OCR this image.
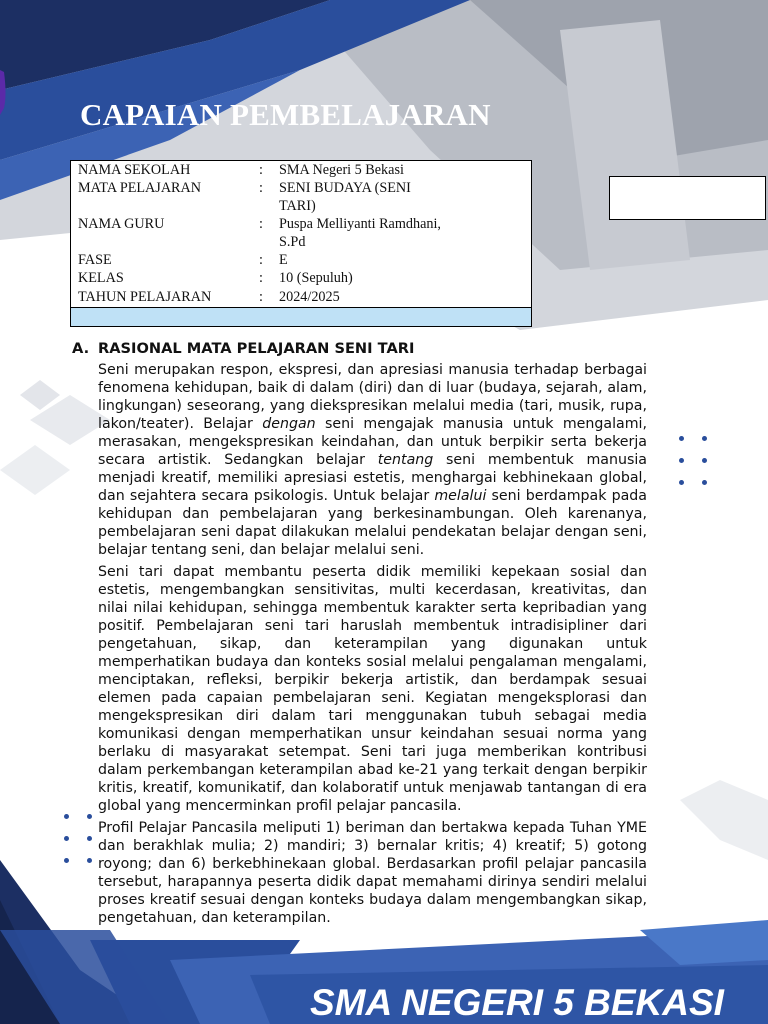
SMA NEGERI 5 BEKASI
CAPAIAN PEMBELAJARAN
NAMA SEKOLAH	:	SMA Negeri 5 Bekasi
MATA PELAJARAN	:	SENI BUDAYA (SENI TARI)
NAMA GURU	:	Puspa Melliyanti Ramdhani, S.Pd
FASE	:	E
KELAS	:	10 (Sepuluh)
TAHUN PELAJARAN	:	2024/2025
A. RASIONAL MATA PELAJARAN SENI TARI

Seni merupakan respon, ekspresi, dan apresiasi manusia terhadap berbagai fenomena kehidupan, baik di dalam (diri) dan di luar (budaya, sejarah, alam, lingkungan) seseorang, yang diekspresikan melalui media (tari, musik, rupa, lakon/teater). Belajar dengan seni mengajak manusia untuk mengalami, merasakan, mengekspresikan keindahan, dan untuk berpikir serta bekerja secara artistik. Sedangkan belajar tentang seni membentuk manusia menjadi kreatif, memiliki apresiasi estetis, menghargai kebhinekaan global, dan sejahtera secara psikologis. Untuk belajar melalui seni berdampak pada kehidupan dan pembelajaran yang berkesinambungan. Oleh karenanya, pembelajaran seni dapat dilakukan melalui pendekatan belajar dengan seni, belajar tentang seni, dan belajar melalui seni.

Seni tari dapat membantu peserta didik memiliki kepekaan sosial dan estetis, mengembangkan sensitivitas, multi kecerdasan, kreativitas, dan nilai nilai kehidupan, sehingga membentuk karakter serta kepribadian yang positif. Pembelajaran seni tari haruslah membentuk intradisipliner dari pengetahuan, sikap, dan keterampilan yang digunakan untuk memperhatikan budaya dan konteks sosial melalui pengalaman mengalami, menciptakan, refleksi, berpikir bekerja artistik, dan berdampak sesuai elemen pada capaian pembelajaran seni. Kegiatan mengeksplorasi dan mengekspresikan diri dalam tari menggunakan tubuh sebagai media komunikasi dengan memperhatikan unsur keindahan sesuai norma yang berlaku di masyarakat setempat. Seni tari juga memberikan kontribusi dalam perkembangan keterampilan abad ke-21 yang terkait dengan berpikir kritis, kreatif, komunikatif, dan kolaboratif untuk menjawab tantangan di era global yang mencerminkan profil pelajar pancasila.

Profil Pelajar Pancasila meliputi 1) beriman dan bertakwa kepada Tuhan YME dan berakhlak mulia; 2) mandiri; 3) bernalar kritis; 4) kreatif; 5) gotong royong; dan 6) berkebhinekaan global. Berdasarkan profil pelajar pancasila tersebut, harapannya peserta didik dapat memahami dirinya sendiri melalui proses kreatif sesuai dengan konteks budaya dalam mengembangkan sikap, pengetahuan, dan keterampilan.
